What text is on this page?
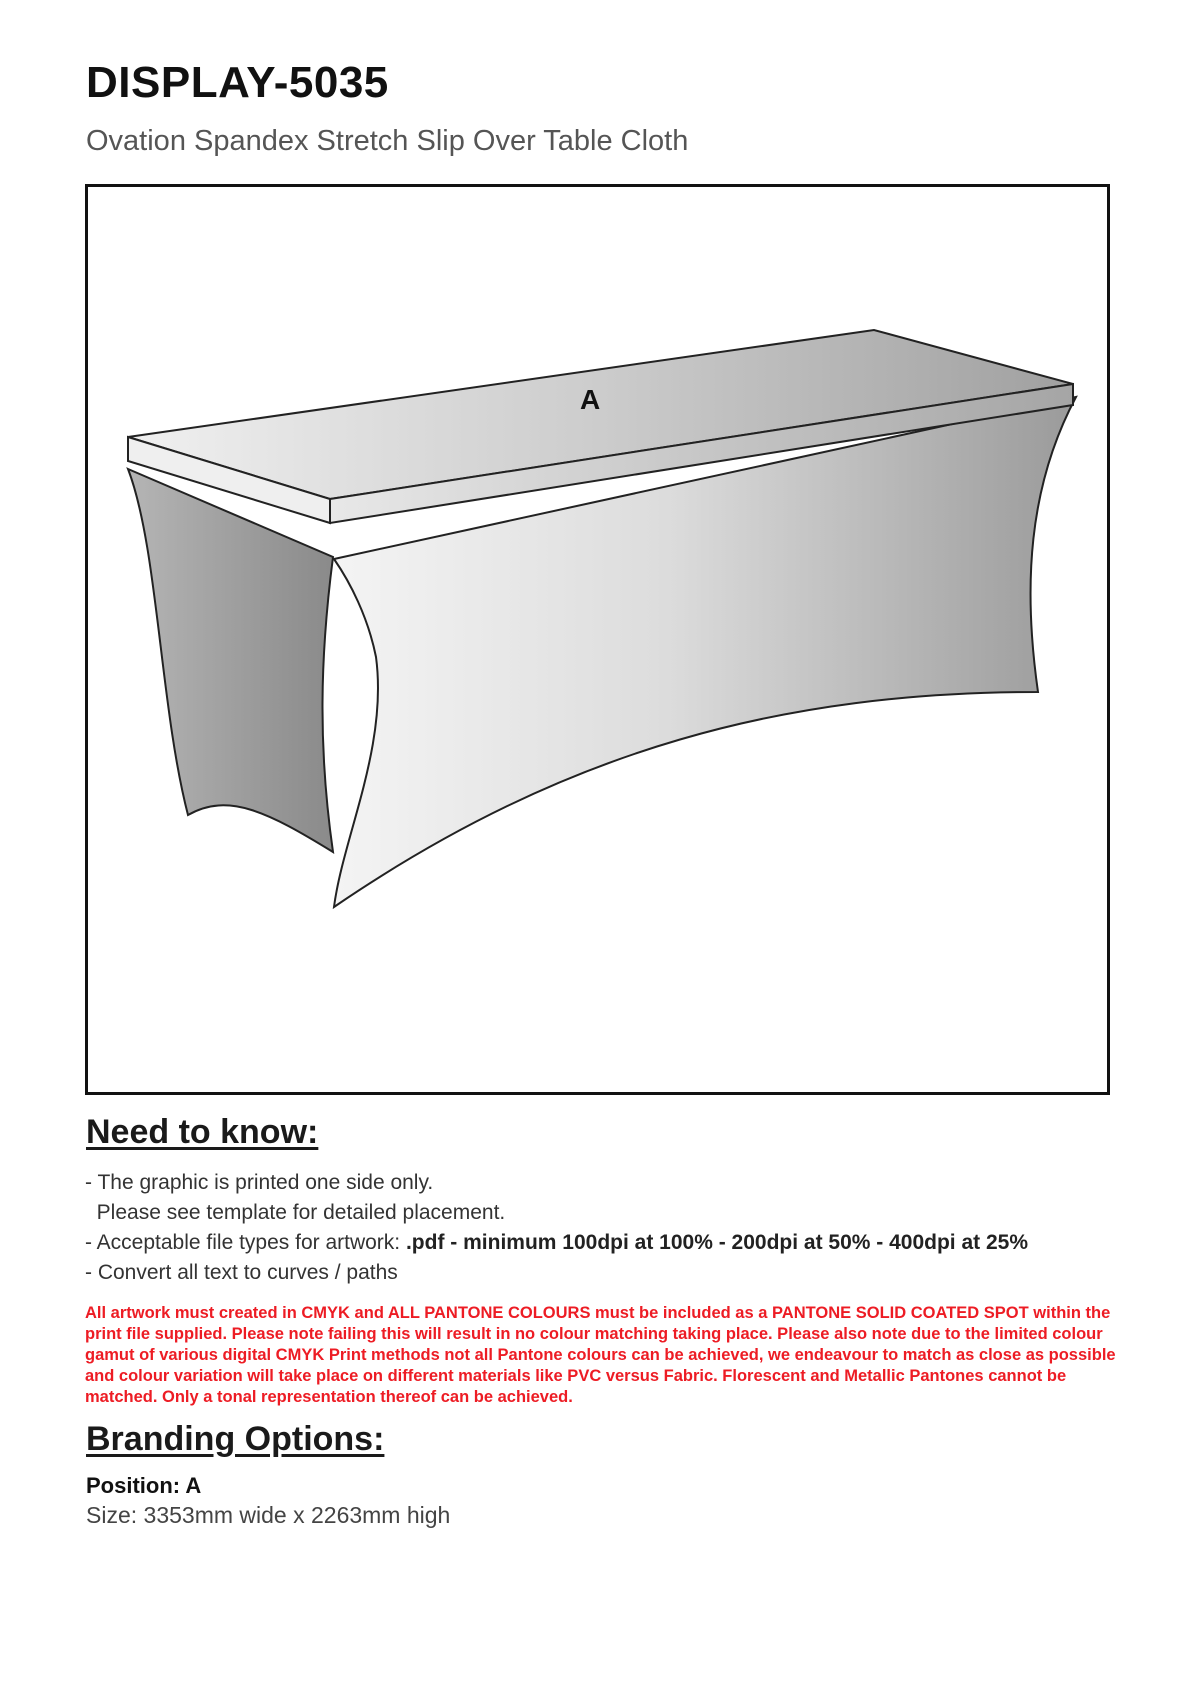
DISPLAY-5035
Ovation Spandex Stretch Slip Over Table Cloth
A
Need to know:
- The graphic is printed one side only.
Please see template for detailed placement.
- Acceptable file types for artwork: .pdf - minimum 100dpi at 100% - 200dpi at 50% - 400dpi at 25%
- Convert all text to curves / paths
All artwork must created in CMYK and ALL PANTONE COLOURS must be included as a PANTONE SOLID COATED SPOT within the print file supplied. Please note failing this will result in no colour matching taking place. Please also note due to the limited colour gamut of various digital CMYK Print methods not all Pantone colours can be achieved, we endeavour to match as close as possible and colour variation will take place on different materials like PVC versus Fabric. Florescent and Metallic Pantones cannot be matched. Only a tonal representation thereof can be achieved.
Branding Options:
Position: A
Size: 3353mm wide x 2263mm high
